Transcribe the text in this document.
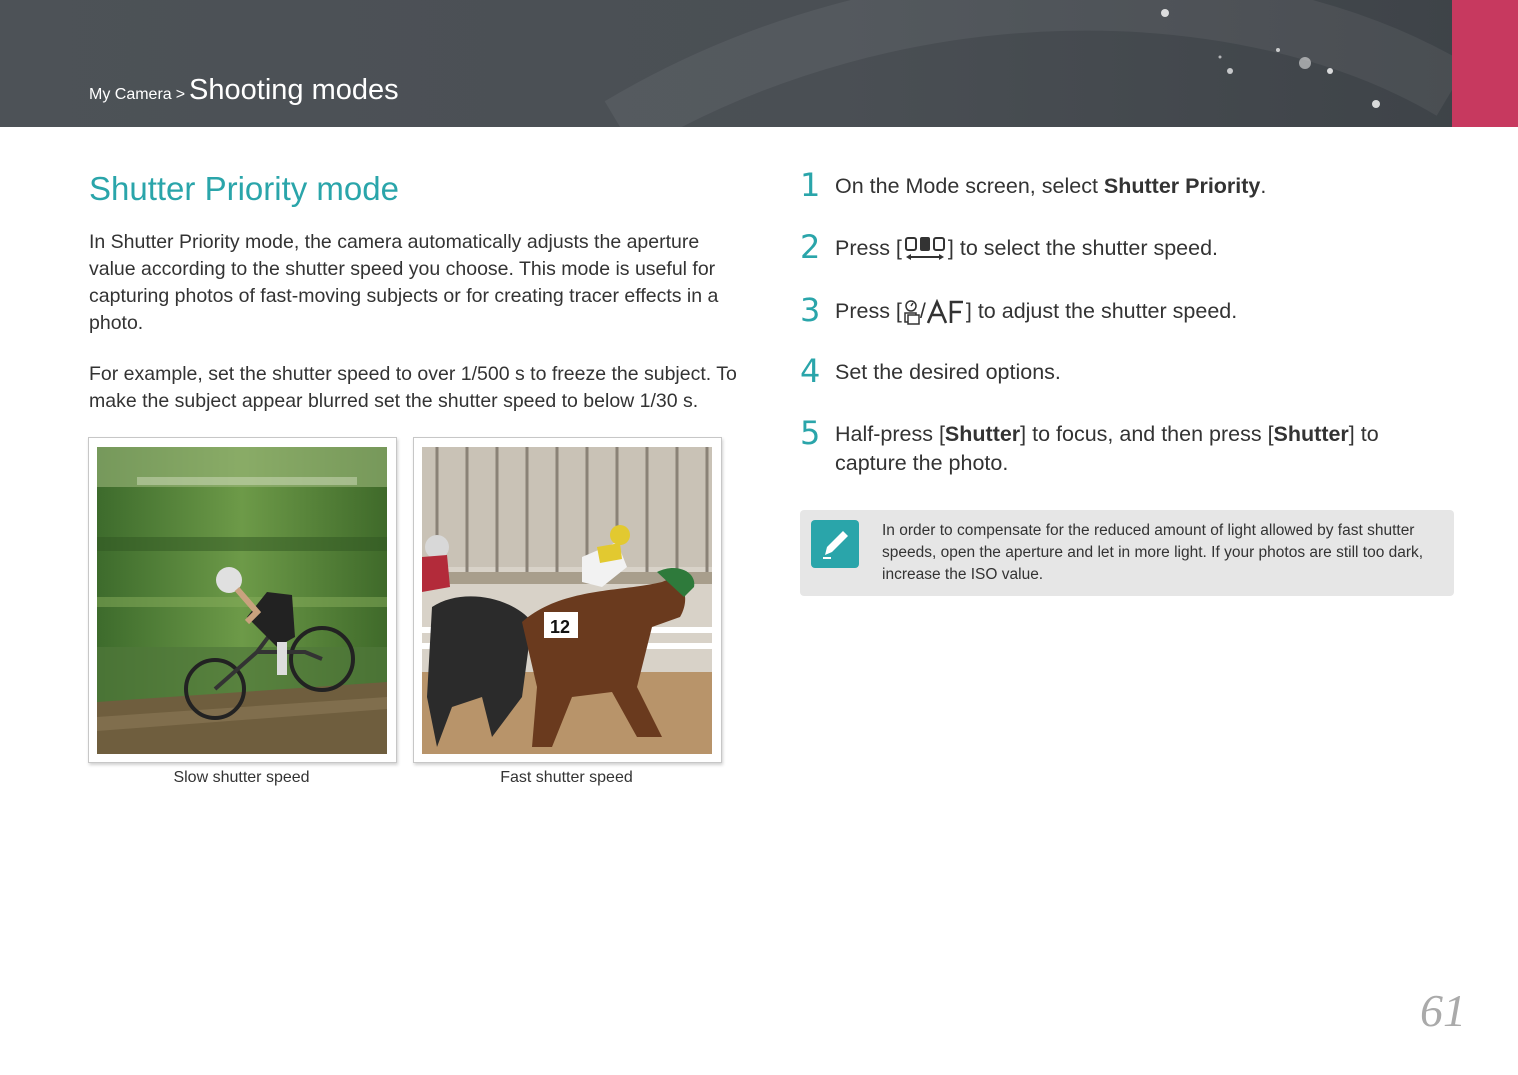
My Camera > Shooting modes
Shutter Priority mode

In Shutter Priority mode, the camera automatically adjusts the aperture value according to the shutter speed you choose. This mode is useful for capturing photos of fast-moving subjects or for creating tracer effects in a photo.

For example, set the shutter speed to over 1/500 s to freeze the subject. To make the subject appear blurred set the shutter speed to below 1/30 s.

12
Slow shutter speed	Fast shutter speed
1 On the Mode screen, select Shutter Priority.
2 Press [ ] to select the shutter speed.
3 Press [ / ] to adjust the shutter speed.
4 Set the desired options.
5 Half-press [Shutter] to focus, and then press [Shutter] to capture the photo.
In order to compensate for the reduced amount of light allowed by fast shutter speeds, open the aperture and let in more light. If your photos are still too dark, increase the ISO value.
61
